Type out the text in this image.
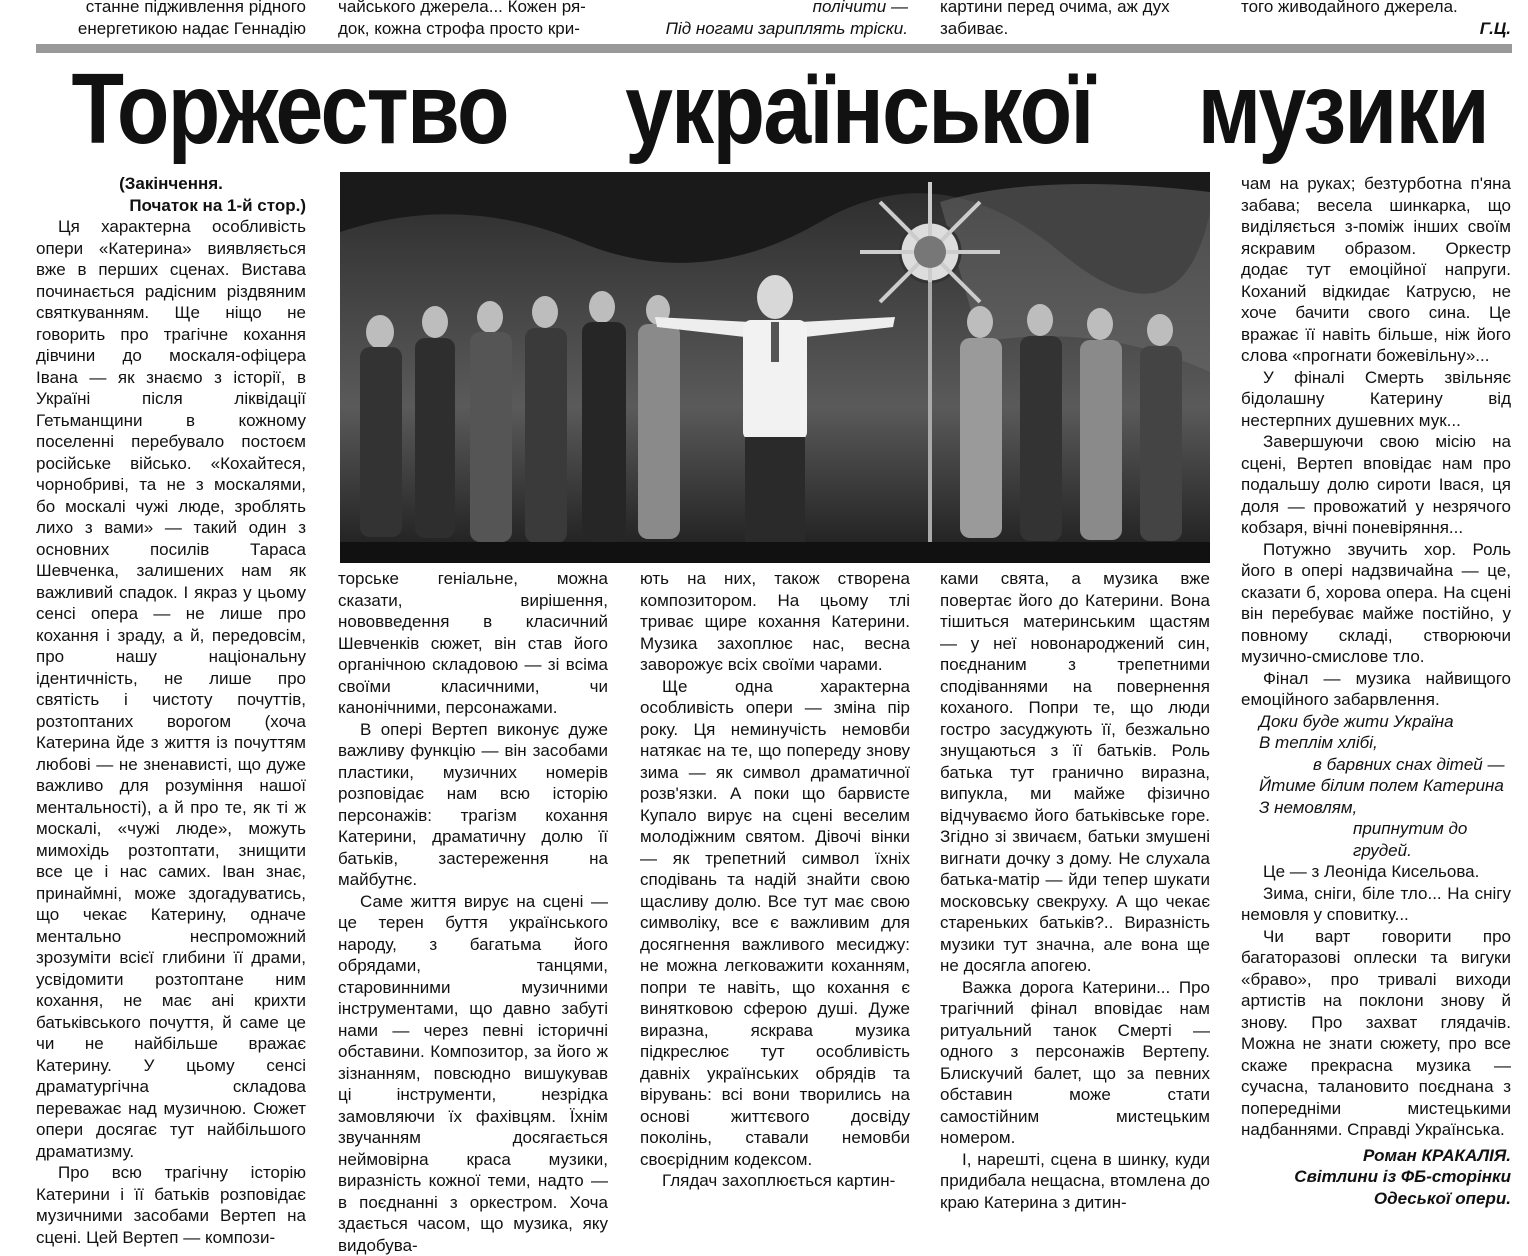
станне підживлення рідного
енергетикою надає Геннадію
чайського джерела... Кожен ря-
док, кожна строфа просто кри-
полічити —
Під ногами зариплять тріски.
картини перед очима, аж дух
забиває.
того живодайного джерела.
Г.Ц.
Торжество української музики

(Закінчення.

Початок на 1-й стор.)

Ця характерна особливість опери «Катерина» виявляється вже в перших сценах. Вистава починається радісним різдвяним святкуванням. Ще ніщо не говорить про трагічне кохання дівчини до москаля-офіцера Івана — як знаємо з історії, в Україні після ліквідації Гетьманщини в кожному поселенні перебувало постоєм російське військо. «Кохайтеся, чорнобриві, та не з москалями, бо москалі чужі люде, зроблять лихо з вами» — такий один з основних посилів Тараса Шевченка, залишених нам як важливий спадок. І якраз у цьому сенсі опера — не лише про кохання і зраду, а й, передовсім, про нашу національну ідентичність, не лише про святість і чистоту почуттів, розтоптаних ворогом (хоча Катерина йде з життя із почуттям любові — не зненависті, що дуже важливо для розуміння нашої ментальності), а й про те, як ті ж москалі, «чужі люде», можуть мимохідь розтоптати, знищити все це і нас самих. Іван знає, принаймні, може здогадуватись, що чекає Катерину, одначе ментально неспроможний зрозуміти всієї глибини її драми, усвідомити розтоптане ним кохання, не має ані крихти батьківського почуття, й саме це чи не найбільше вражає Катерину. У цьому сенсі драматургічна складова переважає над музичною. Сюжет опери досягає тут найбільшого драматизму.

Про всю трагічну історію Катерини і її батьків розповідає музичними засобами Вертеп на сцені. Цей Вертеп — компози-

торське геніальне, можна сказати, вирішення, нововведення в класичний Шевченків сюжет, він став його органічною складовою — зі всіма своїми класичними, чи канонічними, персонажами.

В опері Вертеп виконує дуже важливу функцію — він засобами пластики, музичних номерів розповідає нам всю історію персонажів: трагізм кохання Катерини, драматичну долю її батьків, застереження на майбутнє.

Саме життя вирує на сцені — це терен буття українського народу, з багатьма його обрядами, танцями, старовинними музичними інструментами, що давно забуті нами — через певні історичні обставини. Композитор, за його ж зізнанням, повсюдно вишукував ці інструменти, незрідка замовляючи їх фахівцям. Їхнім звучанням досягається неймовірна краса музики, виразність кожної теми, надто — в поєднанні з оркестром. Хоча здається часом, що музика, яку видобува-

ють на них, також створена композитором. На цьому тлі триває щире кохання Катерини. Музика захоплює нас, весна заворожує всіх своїми чарами.

Ще одна характерна особливість опери — зміна пір року. Ця неминучість немовби натякає на те, що попереду знову зима — як символ драматичної розв'язки. А поки що барвисте Купало вирує на сцені веселим молодіжним святом. Дівочі вінки — як трепетний символ їхніх сподівань та надій знайти свою щасливу долю. Все тут має свою символіку, все є важливим для досягнення важливого месиджу: не можна легковажити коханням, попри те навіть, що кохання є винятковою сферою душі. Дуже виразна, яскрава музика підкреслює тут особливість давніх українських обрядів та вірувань: всі вони творились на основі життєвого досвіду поколінь, ставали немовби своєрідним кодексом.

Глядач захоплюється картин-

ками свята, а музика вже повертає його до Катерини. Вона тішиться материнським щастям — у неї новонароджений син, поєднаним з трепетними сподіваннями на повернення коханого. Попри те, що люди гостро засуджують її, безжально знущаються з її батьків. Роль батька тут гранично виразна, випукла, ми майже фізично відчуваємо його батьківське горе. Згідно зі звичаєм, батьки змушені вигнати дочку з дому. Не слухала батька-матір — йди тепер шукати московську свекруху. А що чекає стареньких батьків?.. Виразність музики тут значна, але вона ще не досягла апогею.

Важка дорога Катерини... Про трагічний фінал вповідає нам ритуальний танок Смерті — одного з персонажів Вертепу. Блискучий балет, що за певних обставин може стати самостійним мистецьким номером.

І, нарешті, сцена в шинку, куди придибала нещасна, втомлена до краю Катерина з дитин-

чам на руках; безтурботна п'яна забава; весела шинкарка, що виділяється з-поміж інших своїм яскравим образом. Оркестр додає тут емоційної напруги. Коханий відкидає Катрусю, не хоче бачити свого сина. Це вражає її навіть більше, ніж його слова «прогнати божевільну»...

У фіналі Смерть звільняє бідолашну Катерину від нестерпних душевних мук...

Завершуючи свою місію на сцені, Вертеп вповідає нам про подальшу долю сироти Івася, ця доля — провожатий у незрячого кобзаря, вічні поневіряння...

Потужно звучить хор. Роль його в опері надзвичайна — це, сказати б, хорова опера. На сцені він перебуває майже постійно, у повному складі, створюючи музично-смислове тло.

Фінал — музика найвищого емоційного забарвлення.

Доки буде жити Україна

В теплім хлібі,

в барвних снах дітей —

Йтиме білим полем Катерина

З немовлям,

припнутим до грудей.

Це — з Леоніда Кисельова.

Зима, сніги, біле тло... На снігу немовля у сповитку...

Чи варт говорити про багаторазові оплески та вигуки «браво», про тривалі виходи артистів на поклони знову й знову. Про захват глядачів. Можна не знати сюжету, про все скаже прекрасна музика — сучасна, талановито поєднана з попередніми мистецькими надбаннями. Справді Українська.

Роман КРАКАЛІЯ.

Світлини із ФБ-сторінки

Одеської опери.
